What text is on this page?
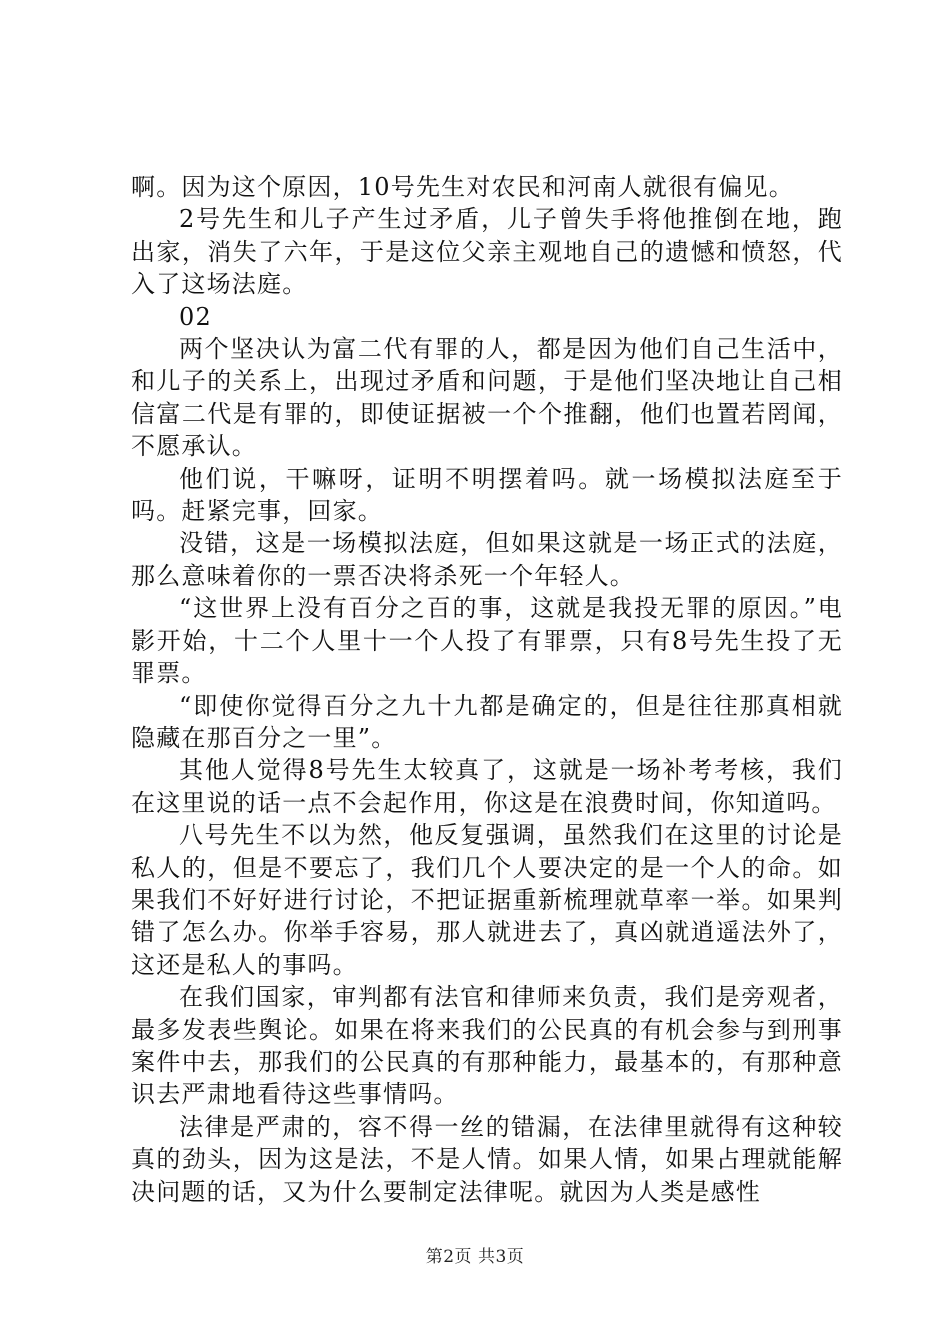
啊。因为这个原因，10号先生对农民和河南人就很有偏见。

2号先生和儿子产生过矛盾，儿子曾失手将他推倒在地，跑出家，消失了六年，于是这位父亲主观地自己的遗憾和愤怒，代入了这场法庭。

02

两个坚决认为富二代有罪的人，都是因为他们自己生活中，和儿子的关系上，出现过矛盾和问题，于是他们坚决地让自己相信富二代是有罪的，即使证据被一个个推翻，他们也置若罔闻，不愿承认。

他们说，干嘛呀，证明不明摆着吗。就一场模拟法庭至于吗。赶紧完事，回家。

没错，这是一场模拟法庭，但如果这就是一场正式的法庭，那么意味着你的一票否决将杀死一个年轻人。

“这世界上没有百分之百的事，这就是我投无罪的原因。”电影开始，十二个人里十一个人投了有罪票，只有8号先生投了无罪票。

“即使你觉得百分之九十九都是确定的，但是往往那真相就隐藏在那百分之一里”。

其他人觉得8号先生太较真了，这就是一场补考考核，我们在这里说的话一点不会起作用，你这是在浪费时间，你知道吗。

八号先生不以为然，他反复强调，虽然我们在这里的讨论是私人的，但是不要忘了，我们几个人要决定的是一个人的命。如果我们不好好进行讨论，不把证据重新梳理就草率一举。如果判错了怎么办。你举手容易，那人就进去了，真凶就逍遥法外了，这还是私人的事吗。

在我们国家，审判都有法官和律师来负责，我们是旁观者，最多发表些舆论。如果在将来我们的公民真的有机会参与到刑事案件中去，那我们的公民真的有那种能力，最基本的，有那种意识去严肃地看待这些事情吗。

法律是严肃的，容不得一丝的错漏，在法律里就得有这种较真的劲头，因为这是法，不是人情。如果人情，如果占理就能解决问题的话，又为什么要制定法律呢。就因为人类是感性

第2页 共3页
